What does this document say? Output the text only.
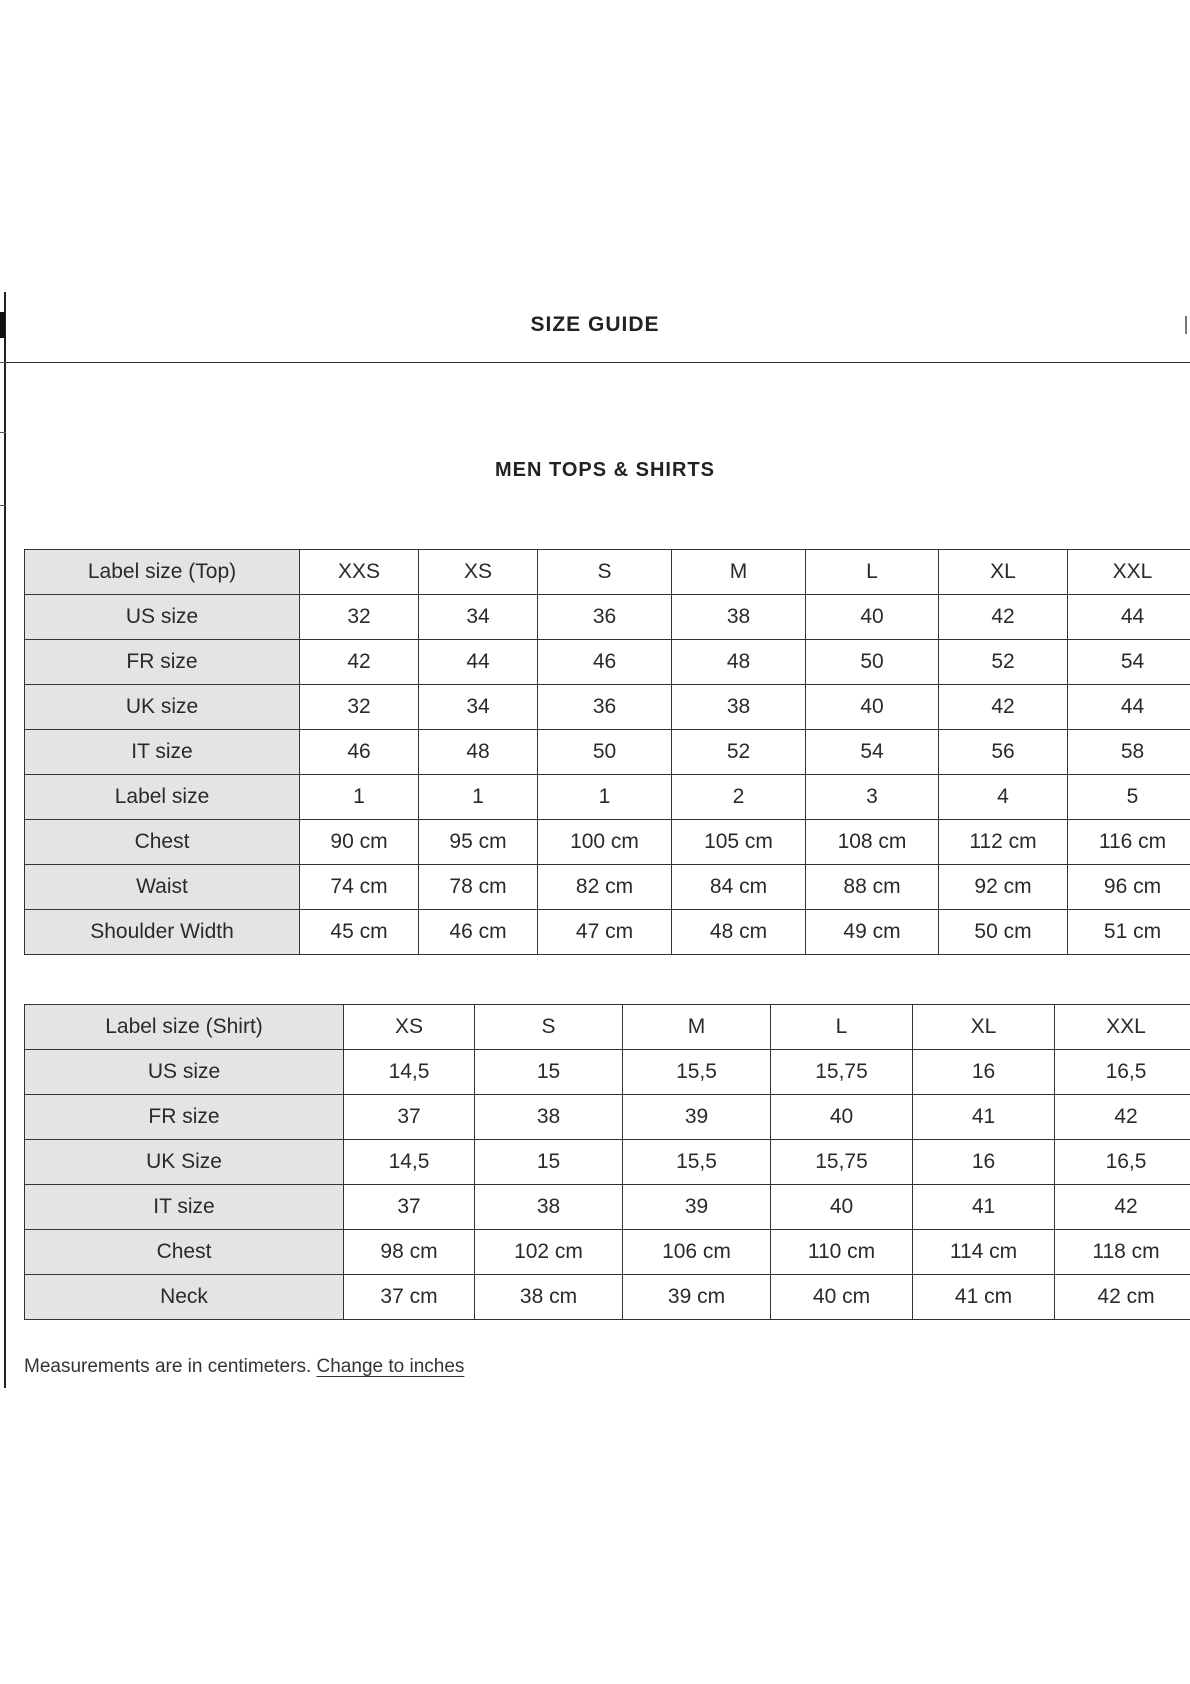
SIZE GUIDE
MEN TOPS & SHIRTS
Label size (Top)	XXS	XS	S	M	L	XL	XXL
US size	32	34	36	38	40	42	44
FR size	42	44	46	48	50	52	54
UK size	32	34	36	38	40	42	44
IT size	46	48	50	52	54	56	58
Label size	1	1	1	2	3	4	5
Chest	90 cm	95 cm	100 cm	105 cm	108 cm	112 cm	116 cm
Waist	74 cm	78 cm	82 cm	84 cm	88 cm	92 cm	96 cm
Shoulder Width	45 cm	46 cm	47 cm	48 cm	49 cm	50 cm	51 cm
Label size (Shirt)	XS	S	M	L	XL	XXL
US size	14,5	15	15,5	15,75	16	16,5
FR size	37	38	39	40	41	42
UK Size	14,5	15	15,5	15,75	16	16,5
IT size	37	38	39	40	41	42
Chest	98 cm	102 cm	106 cm	110 cm	114 cm	118 cm
Neck	37 cm	38 cm	39 cm	40 cm	41 cm	42 cm
Measurements are in centimeters. Change to inches
